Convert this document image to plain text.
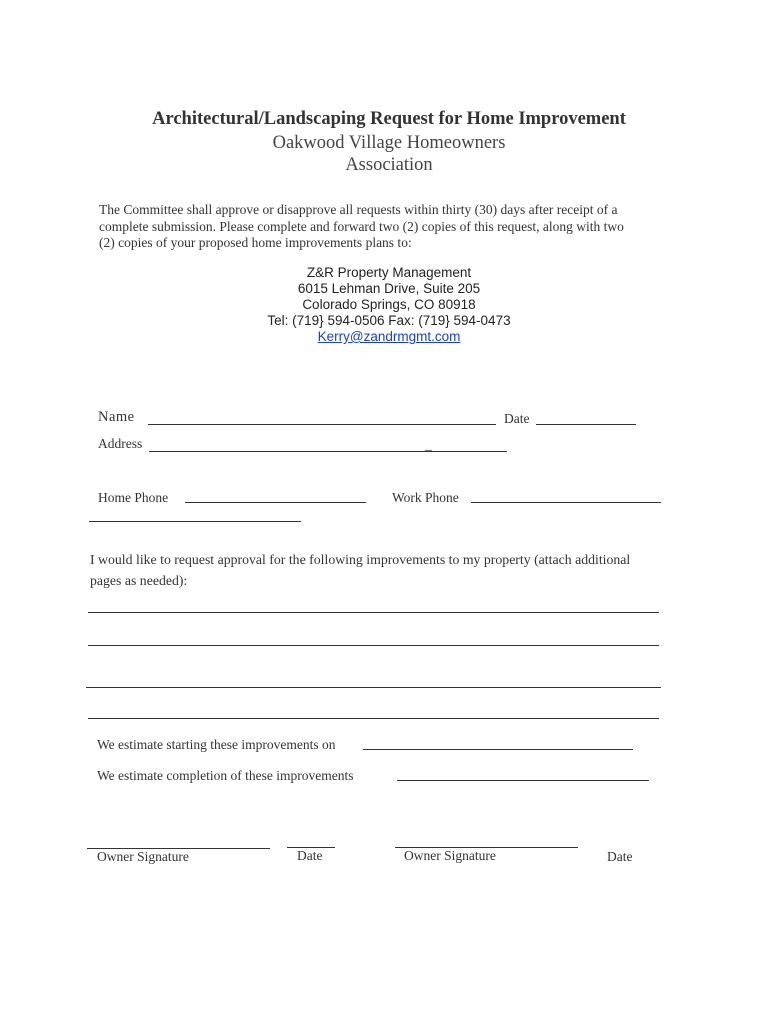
Architectural/Landscaping Request for Home Improvement
Oakwood Village Homeowners
Association
The Committee shall approve or disapprove all requests within thirty (30) days after receipt of a
complete submission. Please complete and forward two (2) copies of this request, along with two
(2) copies of your proposed home improvements plans to:
Z&R Property Management
6015 Lehman Drive, Suite 205
Colorado Springs, CO 80918
Tel: (719} 594-0506 Fax: (719} 594-0473
Kerry@zandrmgmt.com
Name	Date
Address	_
Home Phone	Work Phone
I would like to request approval for the following improvements to my property (attach additional
pages as needed):
We estimate starting these improvements on
We estimate completion of these improvements
Owner Signature	Date	Owner Signature	Date
